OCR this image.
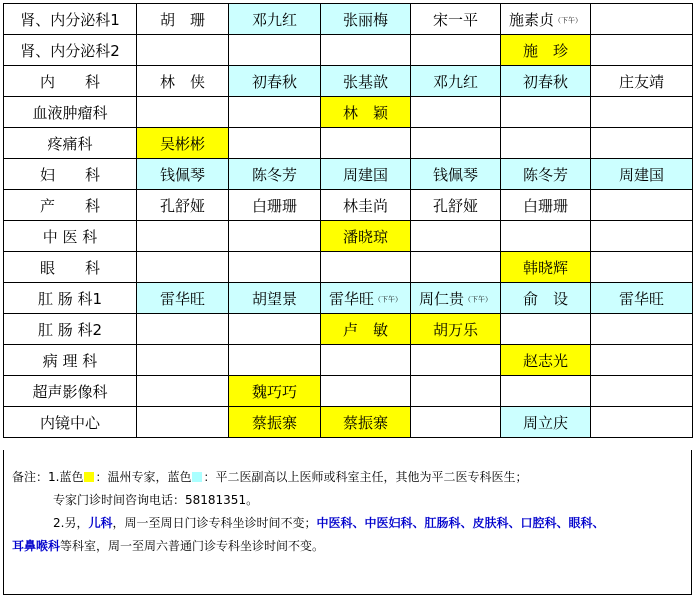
肾、内分泌科1	胡　珊	邓九红	张丽梅	宋一平	施素贞（下午）	
肾、内分泌科2					施　珍	
内　　科	林　侠	初春秋	张基歆	邓九红	初春秋	庄友靖
血液肿瘤科			林　颖			
疼痛科	吴彬彬					
妇　　科	钱佩琴	陈冬芳	周建国	钱佩琴	陈冬芳	周建国
产　　科	孔舒娅	白珊珊	林圭尚	孔舒娅	白珊珊	
中 医 科			潘晓琼			
眼　　科					韩晓辉	
肛 肠 科1	雷华旺	胡望景	雷华旺（下午）	周仁贵（下午）	俞　设	雷华旺
肛 肠 科2			卢　敏	胡万乐		
病 理 科					赵志光	
超声影像科		魏巧巧				
内镜中心		蔡振寨	蔡振寨		周立庆	
备注：1.蓝色 ：温州专家，蓝色 ：平二医副高以上医师或科室主任，其他为平二医专科医生；
专家门诊时间咨询电话：58181351。
2.另，儿科，周一至周日门诊专科坐诊时间不变；中医科、中医妇科、肛肠科、皮肤科、口腔科、眼科、
耳鼻喉科等科室，周一至周六普通门诊专科坐诊时间不变。
